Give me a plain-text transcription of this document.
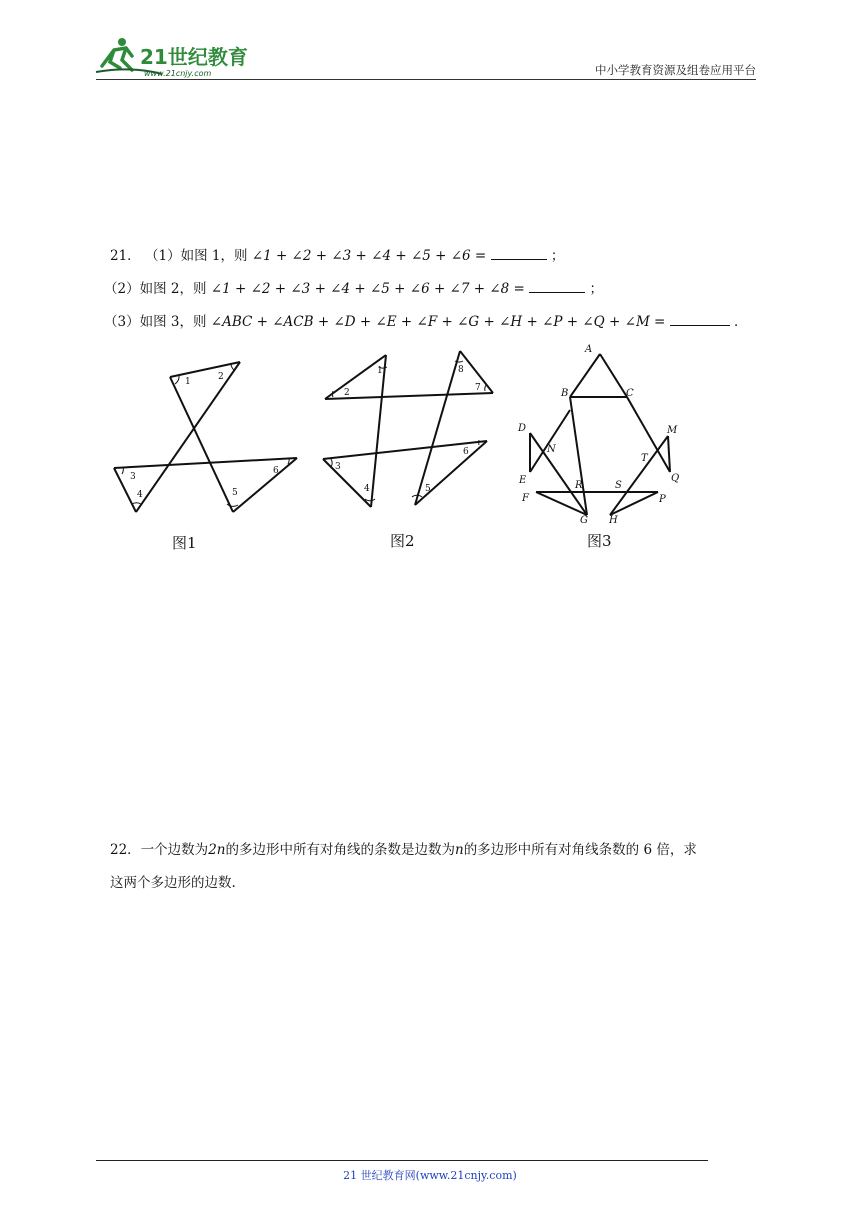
21世纪教育
www.21cnjy.com	中小学教育资源及组卷应用平台
21． （1）如图 1，则 ∠1 + ∠2 + ∠3 + ∠4 + ∠5 + ∠6 =	；
（2）如图 2，则 ∠1 + ∠2 + ∠3 + ∠4 + ∠5 + ∠6 + ∠7 + ∠8 =	；
（3）如图 3，则 ∠ABC + ∠ACB + ∠D + ∠E + ∠F + ∠G + ∠H + ∠P + ∠Q + ∠M =	．
1	2
3
4	5
6
图1
1
2
3
4	5
6
7
8
图2
A
B	C
D
N
E
M
T
Q
F
R	S
P
G H
图3
22．一个边数为2n的多边形中所有对角线的条数是边数为n的多边形中所有对角线条数的 6 倍，求
这两个多边形的边数.
21 世纪教育网(www.21cnjy.com)
